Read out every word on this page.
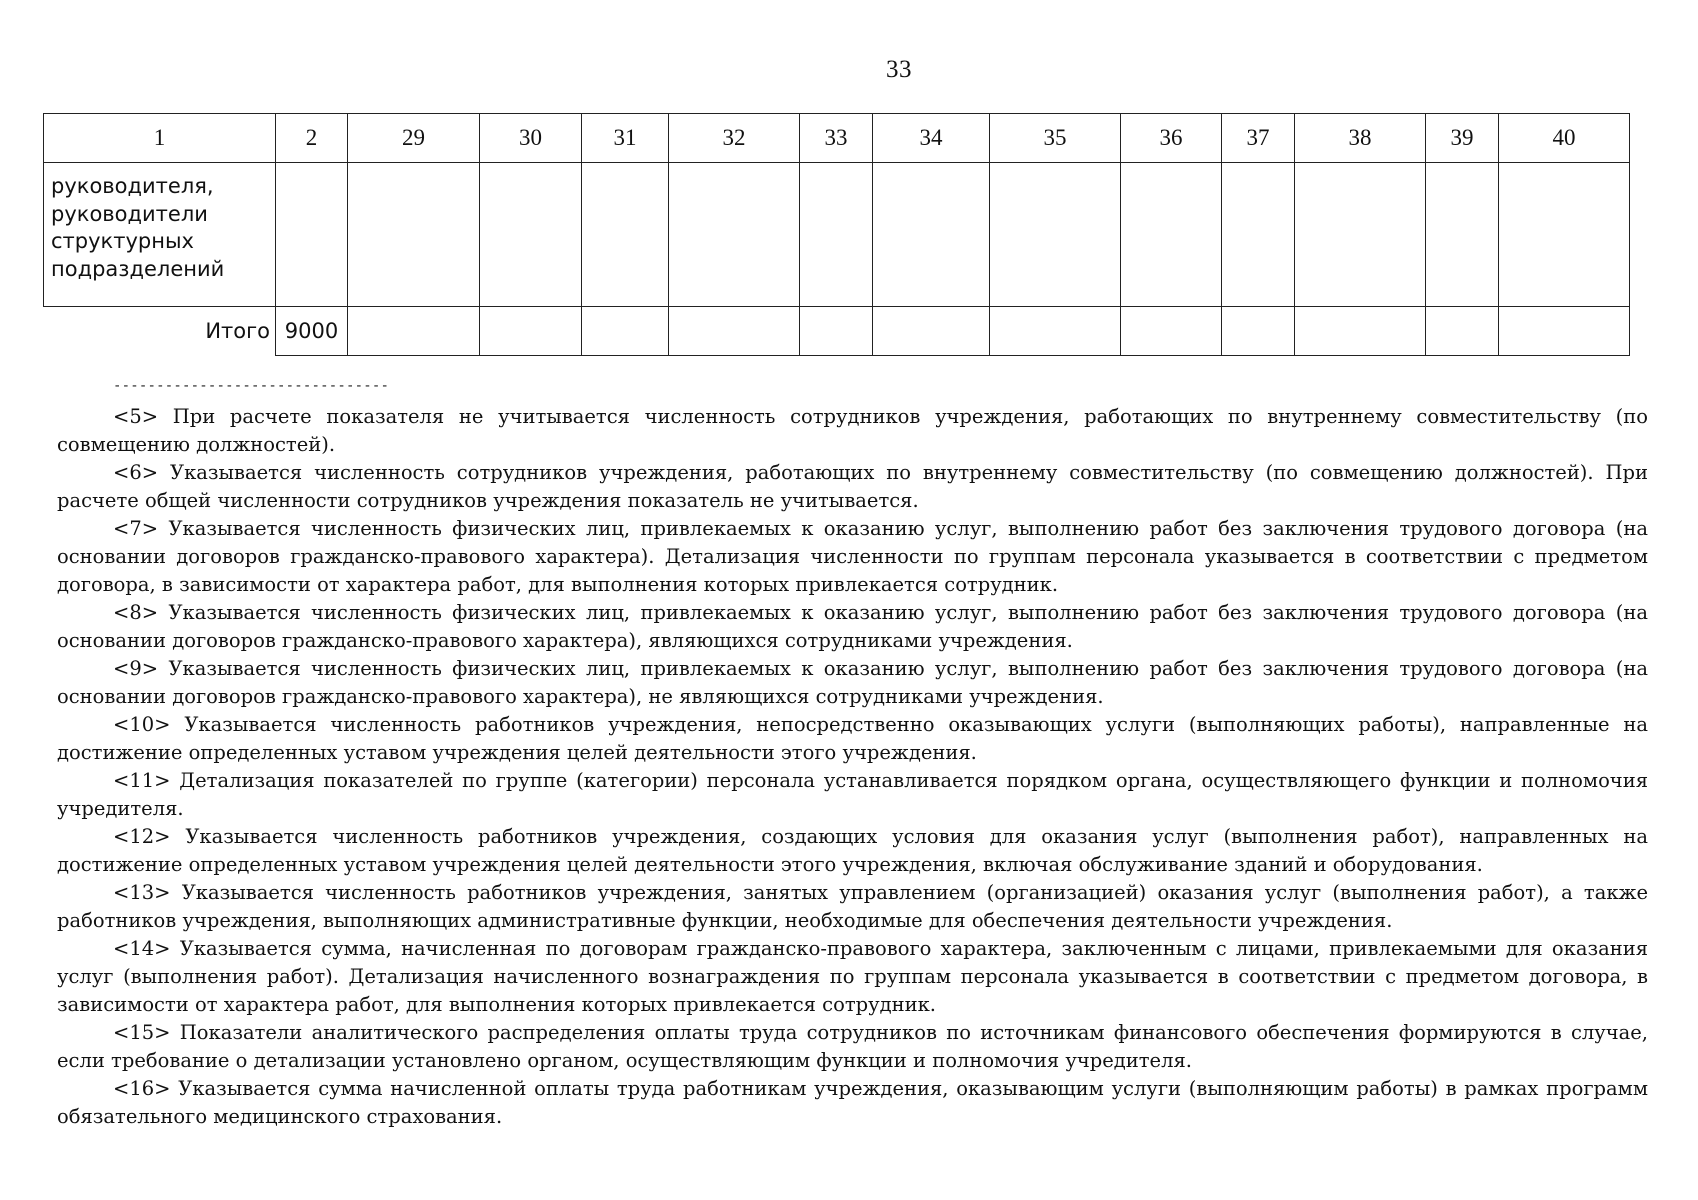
33
1	2	29	30	31	32	33	34	35	36	37	38	39	40

руководителя,
руководители
структурных
подразделений													

Итого	9000												
--------------------------------

<5> При расчете показателя не учитывается численность сотрудников учреждения, работающих по внутреннему совместительству (по совмещению должностей).

<6> Указывается численность сотрудников учреждения, работающих по внутреннему совместительству (по совмещению должностей). При расчете общей численности сотрудников учреждения показатель не учитывается.

<7> Указывается численность физических лиц, привлекаемых к оказанию услуг, выполнению работ без заключения трудового договора (на основании договоров гражданско-правового характера). Детализация численности по группам персонала указывается в соответствии с предметом договора, в зависимости от характера работ, для выполнения которых привлекается сотрудник.

<8> Указывается численность физических лиц, привлекаемых к оказанию услуг, выполнению работ без заключения трудового договора (на основании договоров гражданско-правового характера), являющихся сотрудниками учреждения.

<9> Указывается численность физических лиц, привлекаемых к оказанию услуг, выполнению работ без заключения трудового договора (на основании договоров гражданско-правового характера), не являющихся сотрудниками учреждения.

<10> Указывается численность работников учреждения, непосредственно оказывающих услуги (выполняющих работы), направленные на достижение определенных уставом учреждения целей деятельности этого учреждения.

<11> Детализация показателей по группе (категории) персонала устанавливается порядком органа, осуществляющего функции и полномочия учредителя.

<12> Указывается численность работников учреждения, создающих условия для оказания услуг (выполнения работ), направленных на достижение определенных уставом учреждения целей деятельности этого учреждения, включая обслуживание зданий и оборудования.

<13> Указывается численность работников учреждения, занятых управлением (организацией) оказания услуг (выполнения работ), а также работников учреждения, выполняющих административные функции, необходимые для обеспечения деятельности учреждения.

<14> Указывается сумма, начисленная по договорам гражданско-правового характера, заключенным с лицами, привлекаемыми для оказания услуг (выполнения работ). Детализация начисленного вознаграждения по группам персонала указывается в соответствии с предметом договора, в зависимости от характера работ, для выполнения которых привлекается сотрудник.

<15> Показатели аналитического распределения оплаты труда сотрудников по источникам финансового обеспечения формируются в случае, если требование о детализации установлено органом, осуществляющим функции и полномочия учредителя.

<16> Указывается сумма начисленной оплаты труда работникам учреждения, оказывающим услуги (выполняющим работы) в рамках программ обязательного медицинского страхования.
